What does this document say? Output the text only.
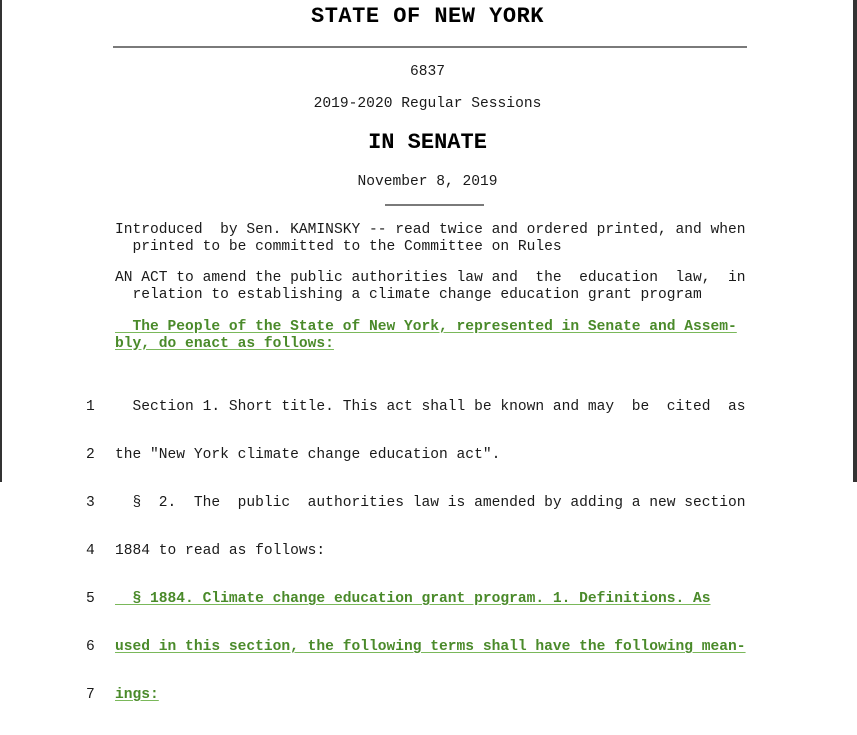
STATE OF NEW YORK
6837
2019-2020 Regular Sessions
IN SENATE
November 8, 2019
Introduced  by Sen. KAMINSKY -- read twice and ordered printed, and when
printed to be committed to the Committee on Rules
AN ACT to amend the public authorities law and  the  education  law,  in
relation to establishing a climate change education grant program
The People of the State of New York, represented in Senate and Assem-
bly, do enact as follows:

1  Section 1. Short title. This act shall be known and may  be  cited  as

2 the "New York climate change education act".

3  §  2.  The  public  authorities law is amended by adding a new section

4 1884 to read as follows:

5  § 1884. Climate change education grant program. 1. Definitions. As

6 used in this section, the following terms shall have the following mean-

7 ings:
